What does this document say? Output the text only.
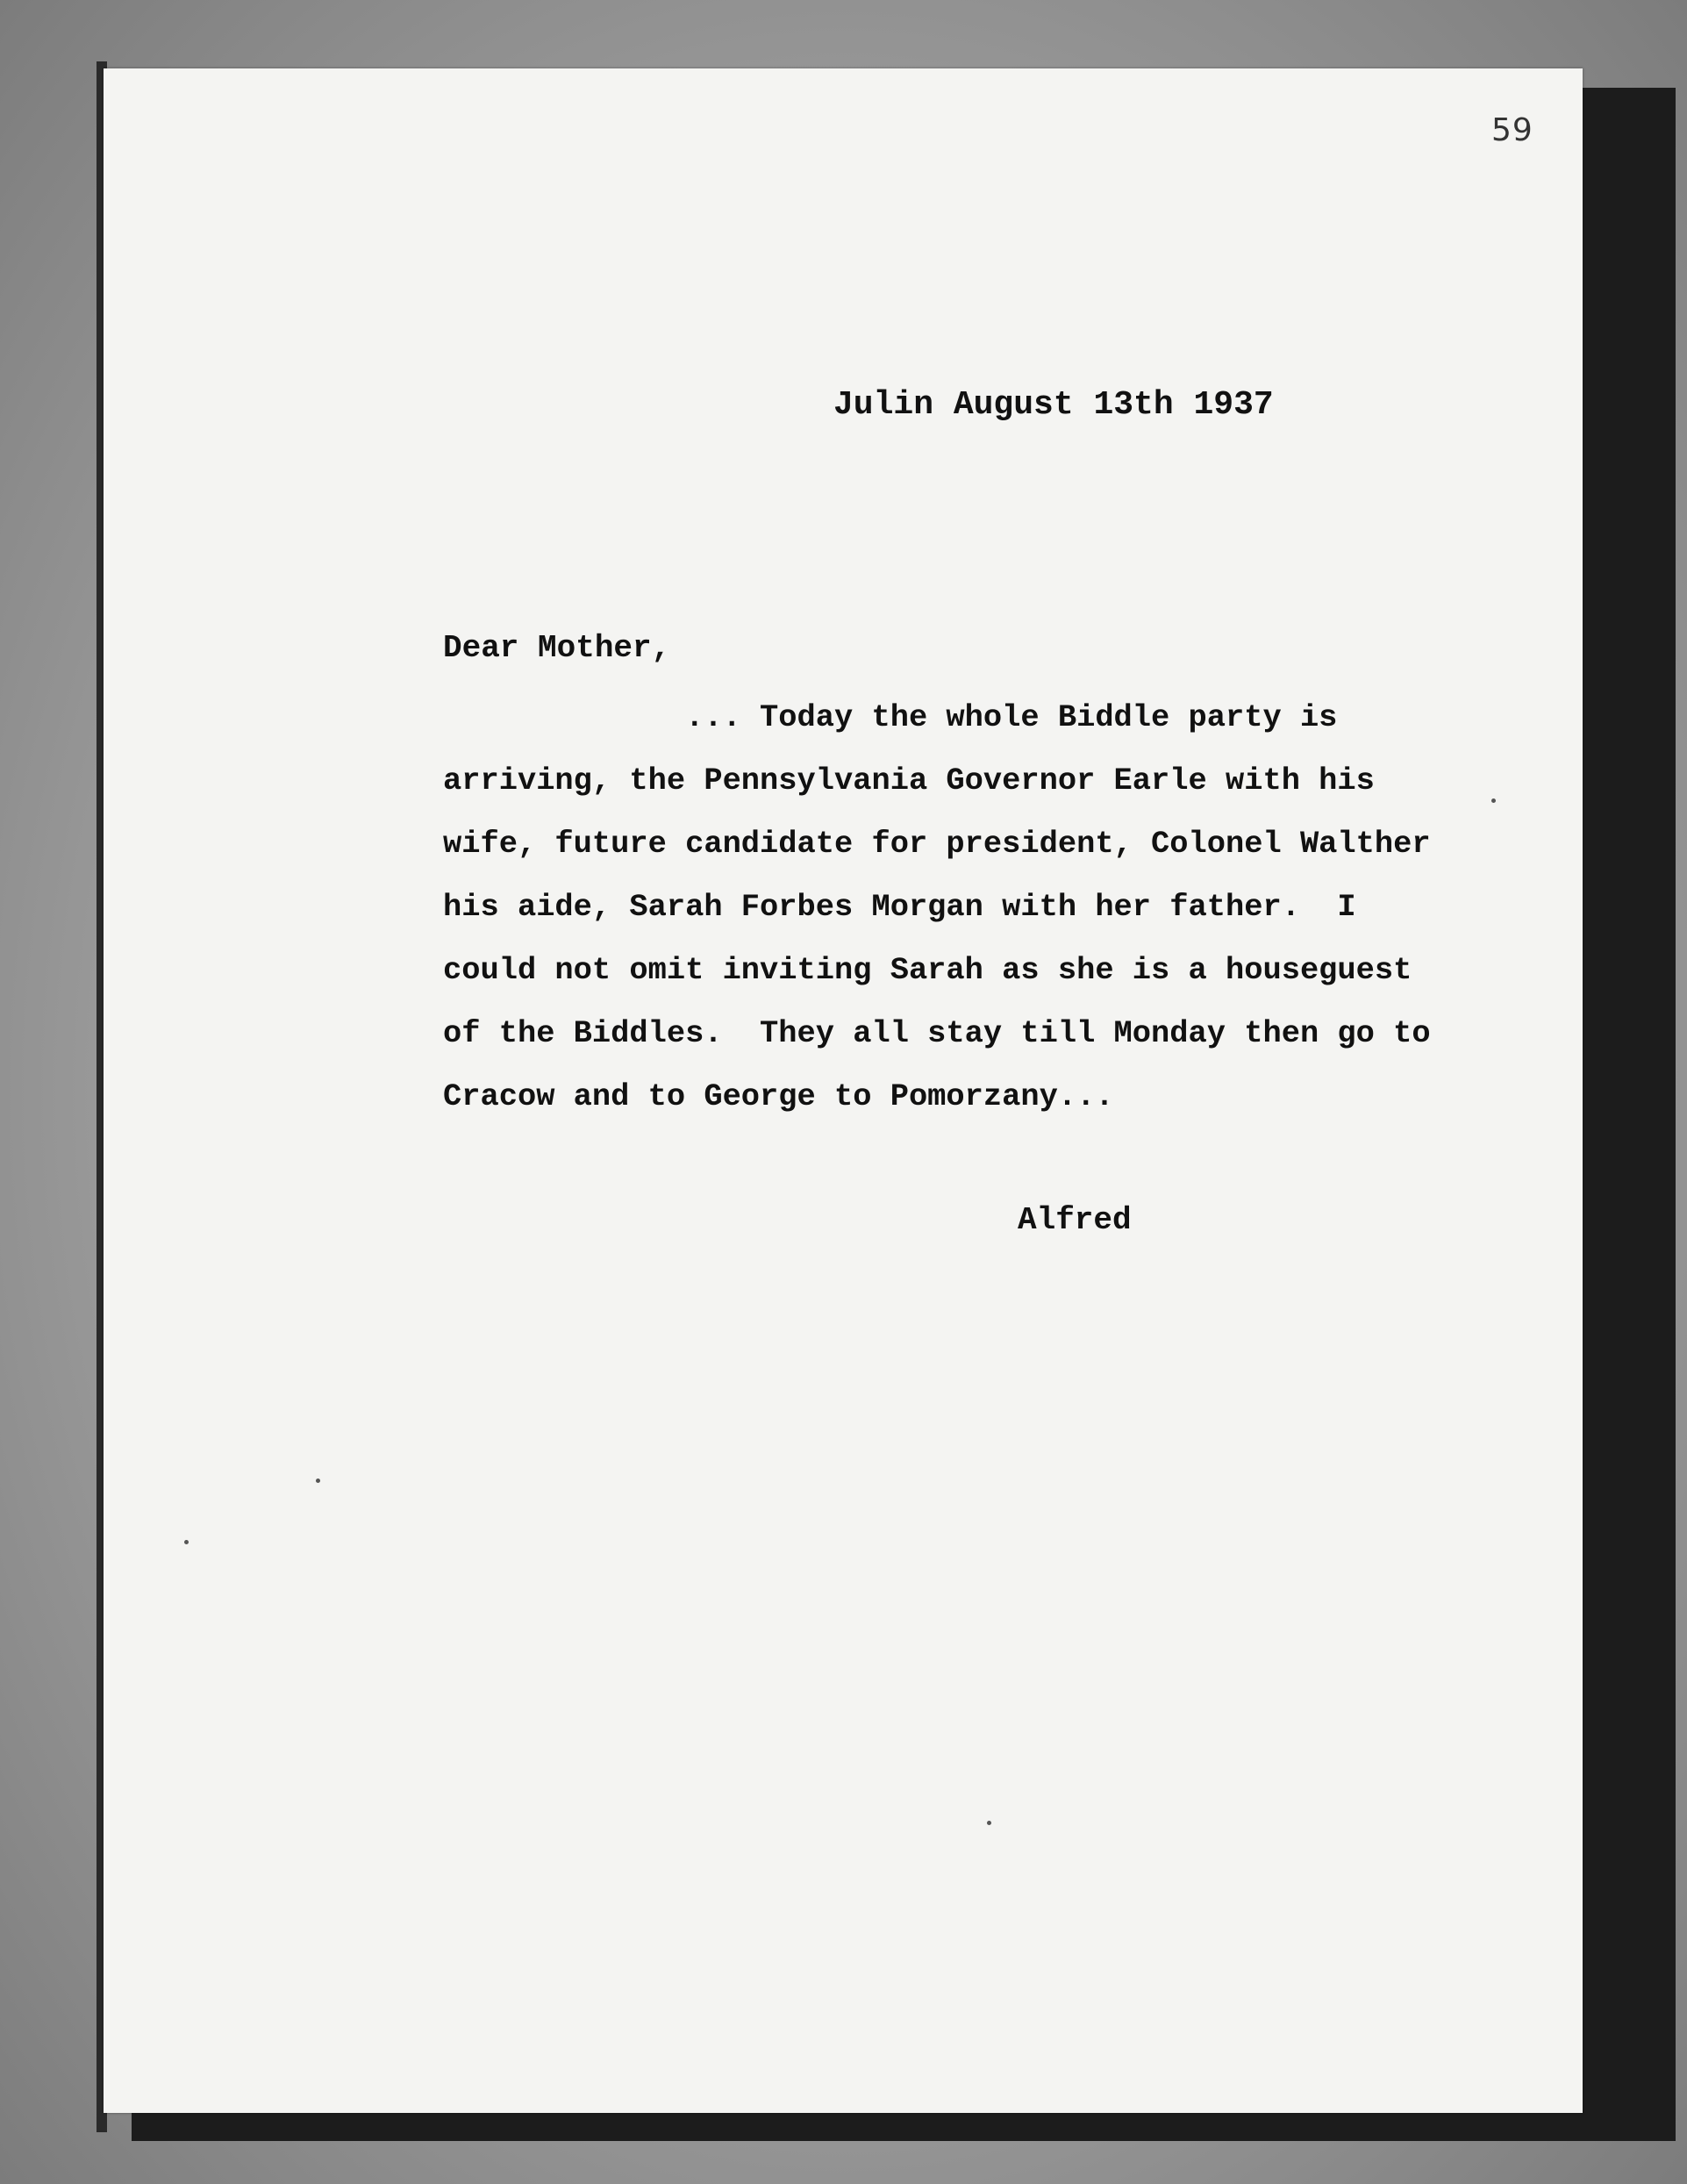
59
Julin August 13th 1937
Dear Mother,
... Today the whole Biddle party is
arriving, the Pennsylvania Governor Earle with his
wife, future candidate for president, Colonel Walther
his aide, Sarah Forbes Morgan with her father.  I
could not omit inviting Sarah as she is a houseguest
of the Biddles.  They all stay till Monday then go to
Cracow and to George to Pomorzany...
Alfred
